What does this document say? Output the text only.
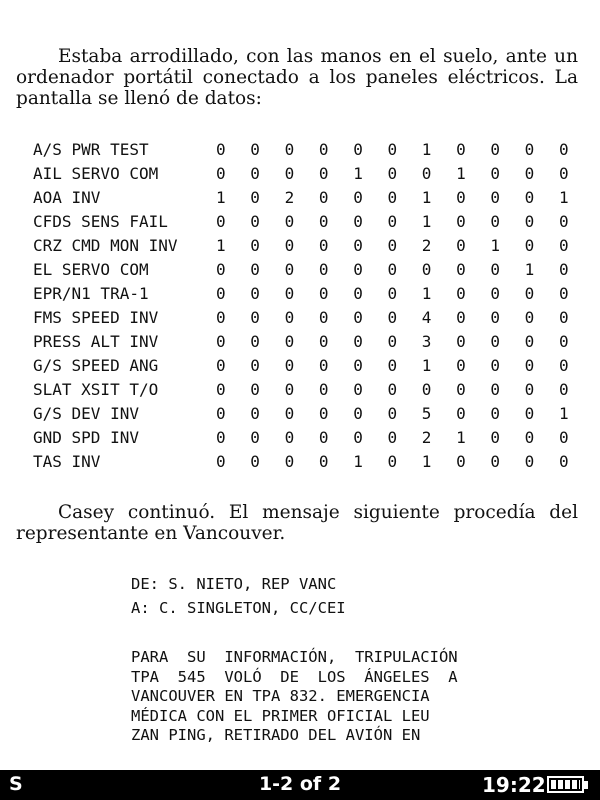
Estaba arrodillado, con las manos en el suelo, ante un ordenador portátil conectado a los paneles eléctricos. La pantalla se llenó de datos:

A/S PWR TEST	0	0	0	0	0	0	1	0	0	0	0
AIL SERVO COM	0	0	0	0	1	0	0	1	0	0	0
AOA INV	1	0	2	0	0	0	1	0	0	0	1
CFDS SENS FAIL	0	0	0	0	0	0	1	0	0	0	0
CRZ CMD MON INV	1	0	0	0	0	0	2	0	1	0	0
EL SERVO COM	0	0	0	0	0	0	0	0	0	1	0
EPR/N1 TRA-1	0	0	0	0	0	0	1	0	0	0	0
FMS SPEED INV	0	0	0	0	0	0	4	0	0	0	0
PRESS ALT INV	0	0	0	0	0	0	3	0	0	0	0
G/S SPEED ANG	0	0	0	0	0	0	1	0	0	0	0
SLAT XSIT T/O	0	0	0	0	0	0	0	0	0	0	0
G/S DEV INV	0	0	0	0	0	0	5	0	0	0	1
GND SPD INV	0	0	0	0	0	0	2	1	0	0	0
TAS INV	0	0	0	0	1	0	1	0	0	0	0

Casey continuó. El mensaje siguiente procedía del representante en Vancouver.

DE: S. NIETO, REP VANC
A: C. SINGLETON, CC/CEI
PARA  SU  INFORMACIÓN,  TRIPULACIÓN
TPA  545  VOLÓ  DE  LOS  ÁNGELES  A
VANCOUVER EN TPA 832. EMERGENCIA
MÉDICA CON EL PRIMER OFICIAL LEU
ZAN PING, RETIRADO DEL AVIÓN EN
S	1-2 of 2	19:22
